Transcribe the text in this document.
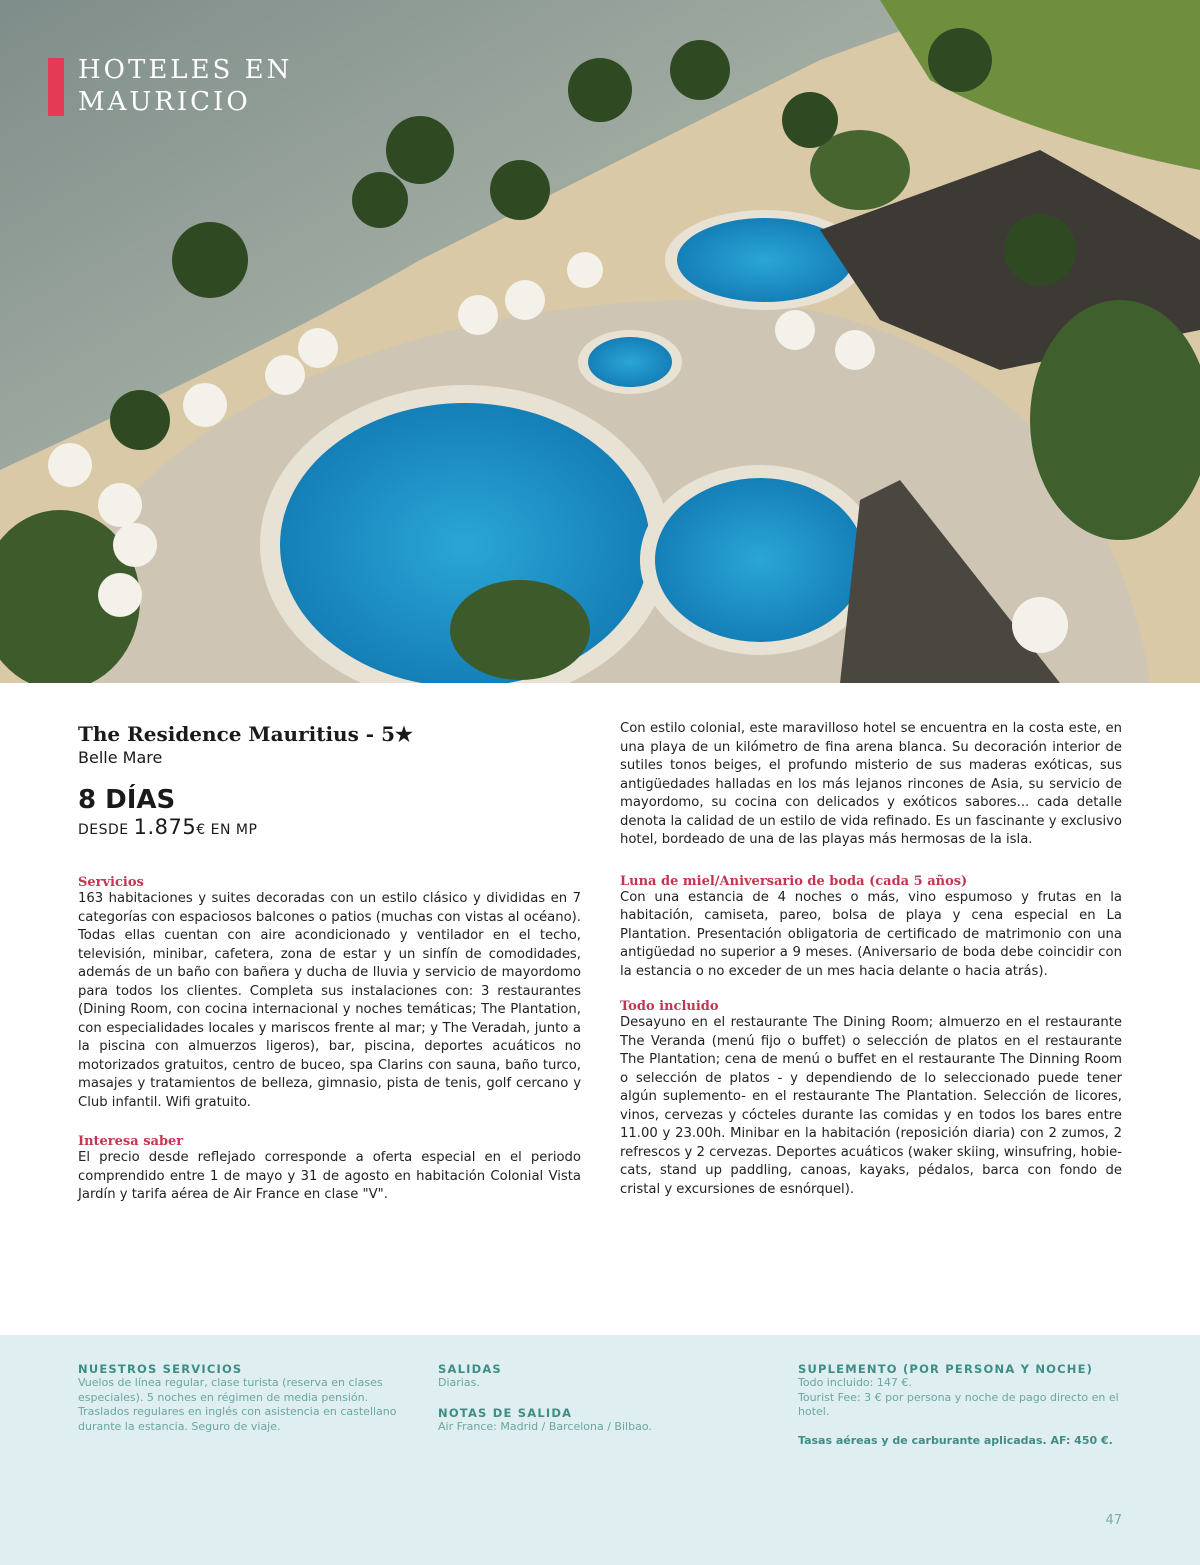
HOTELES EN
MAURICIO

The Residence Mauritius - 5★

Belle Mare

8 DÍAS

DESDE 1.875€ EN MP

Servicios

163 habitaciones y suites decoradas con un estilo clásico y divididas en 7 categorías con espaciosos balcones o patios (muchas con vistas al océano). Todas ellas cuentan con aire acondicionado y ventilador en el techo, televisión, minibar, cafetera, zona de estar y un sinfín de comodidades, además de un baño con bañera y ducha de lluvia y servicio de mayordomo para todos los clientes. Completa sus instalaciones con: 3 restaurantes (Dining Room, con cocina internacional y noches temáticas; The Plantation, con especialidades locales y mariscos frente al mar; y The Veradah, junto a la piscina con almuerzos ligeros), bar, piscina, deportes acuáticos no motorizados gratuitos, centro de buceo, spa Clarins con sauna, baño turco, masajes y tratamientos de belleza, gimnasio, pista de tenis, golf cercano y Club infantil. Wifi gratuito.

Interesa saber

El precio desde reflejado corresponde a oferta especial en el periodo comprendido entre 1 de mayo y 31 de agosto en habitación Colonial Vista Jardín y tarifa aérea de Air France en clase "V".

Con estilo colonial, este maravilloso hotel se encuentra en la costa este, en una playa de un kilómetro de fina arena blanca. Su decoración interior de sutiles tonos beiges, el profundo misterio de sus maderas exóticas, sus antigüedades halladas en los más lejanos rincones de Asia, su servicio de mayordomo, su cocina con delicados y exóticos sabores... cada detalle denota la calidad de un estilo de vida refinado. Es un fascinante y exclusivo hotel, bordeado de una de las playas más hermosas de la isla.

Luna de miel/Aniversario de boda (cada 5 años)

Con una estancia de 4 noches o más, vino espumoso y frutas en la habitación, camiseta, pareo, bolsa de playa y cena especial en La Plantation. Presentación obligatoria de certificado de matrimonio con una antigüedad no superior a 9 meses. (Aniversario de boda debe coincidir con la estancia o no exceder de un mes hacia delante o hacia atrás).

Todo incluido

Desayuno en el restaurante The Dining Room; almuerzo en el restaurante The Veranda (menú fijo o buffet) o selección de platos en el restaurante The Plantation; cena de menú o buffet en el restaurante The Dinning Room o selección de platos - y dependiendo de lo seleccionado puede tener algún suplemento- en el restaurante The Plantation. Selección de licores, vinos, cervezas y cócteles durante las comidas y en todos los bares entre 11.00 y 23.00h. Minibar en la habitación (reposición diaria) con 2 zumos, 2 refrescos y 2 cervezas. Deportes acuáticos (waker skiing, winsufring, hobie-cats, stand up paddling, canoas, kayaks, pédalos, barca con fondo de cristal y excursiones de esnórquel).

NUESTROS SERVICIOS

Vuelos de línea regular, clase turista (reserva en clases especiales). 5 noches en régimen de media pensión. Traslados regulares en inglés con asistencia en castellano durante la estancia. Seguro de viaje.

SALIDAS

Diarias.

NOTAS DE SALIDA

Air France: Madrid / Barcelona / Bilbao.

SUPLEMENTO (POR PERSONA Y NOCHE)

Todo incluido: 147 €.

Tourist Fee: 3 € por persona y noche de pago directo en el hotel.

Tasas aéreas y de carburante aplicadas. AF: 450 €.

47
